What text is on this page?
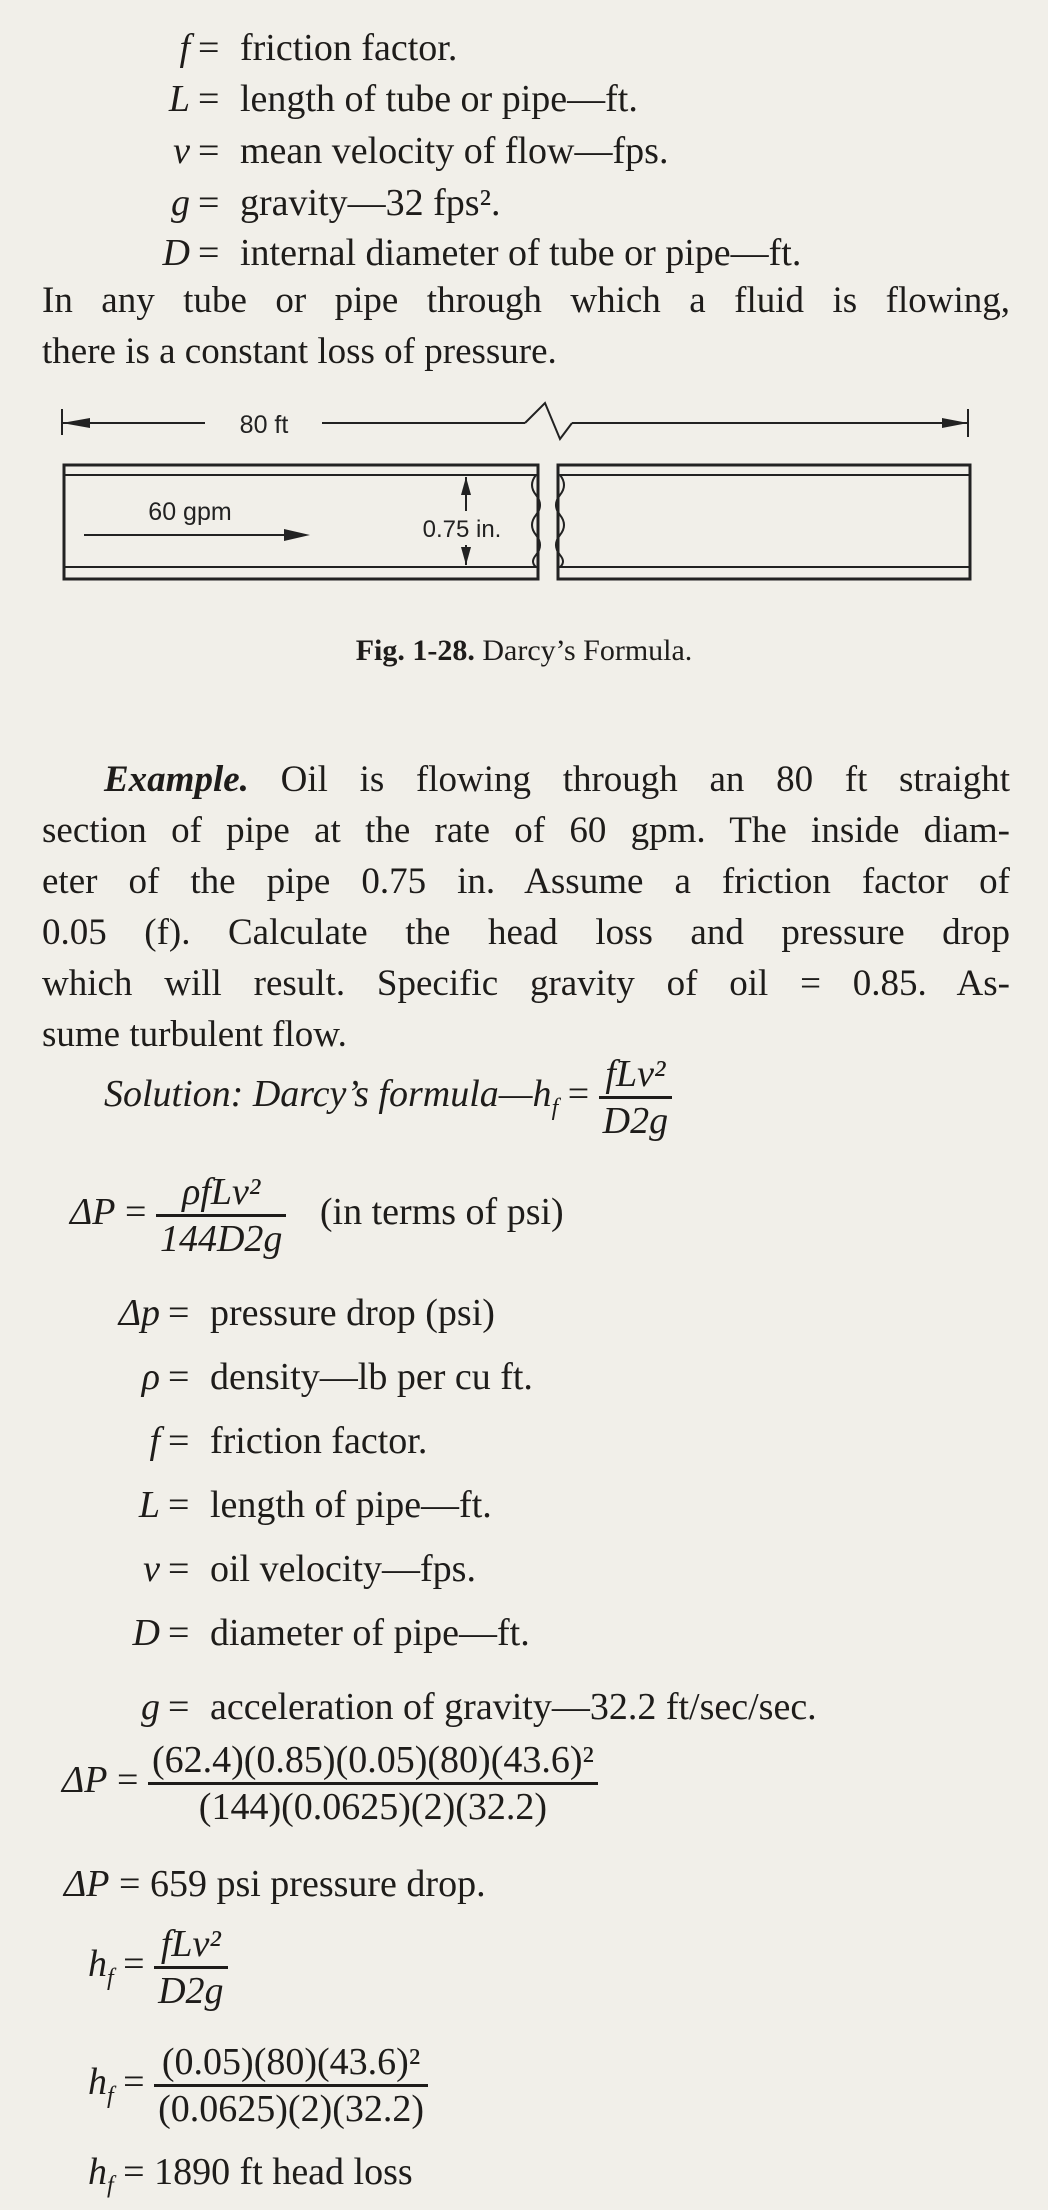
f = friction factor.
L = length of tube or pipe—ft.
v = mean velocity of flow—fps.
g = gravity—32 fps².
D = internal diameter of tube or pipe—ft.
In any tube or pipe through which a fluid is flowing,
there is a constant loss of pressure.
80 ft
60 gpm
0.75 in.
Fig. 1-28. Darcy’s Formula.
Example. Oil is flowing through an 80 ft straight
section of pipe at the rate of 60 gpm. The inside diam-
eter of the pipe 0.75 in. Assume a friction factor of
0.05 (f). Calculate the head loss and pressure drop
which will result. Specific gravity of oil = 0.85. As-
sume turbulent flow.
Solution: Darcy’s $formula—h_f = \frac{\text{fLv²}}{D2g}$
$\Delta P = \frac{\text{ρfLv²}}{144D2g} (in$ terms of psi)
Δp = pressure drop (psi)
ρ = density—lb per cu ft.
f = friction factor.
L = length of pipe—ft.
v = oil velocity—fps.
D = diameter of pipe—ft.
g = acceleration of gravity—32.2 ft/sec/sec.
$\Delta P = \frac{\text{(62.4)(0.85)(0.05)(80)(43.6)²}}{(144)(0.0625)(2)(32.2)}$
ΔP = 659 psi pressure drop.
$h_f = \frac{\text{fLv²}}{D2g}$
$h_f = \frac{\text{(0.05)(80)(43.6)²}}{(0.0625)(2)(32.2)}$
$h_f = 1890$ ft head loss
